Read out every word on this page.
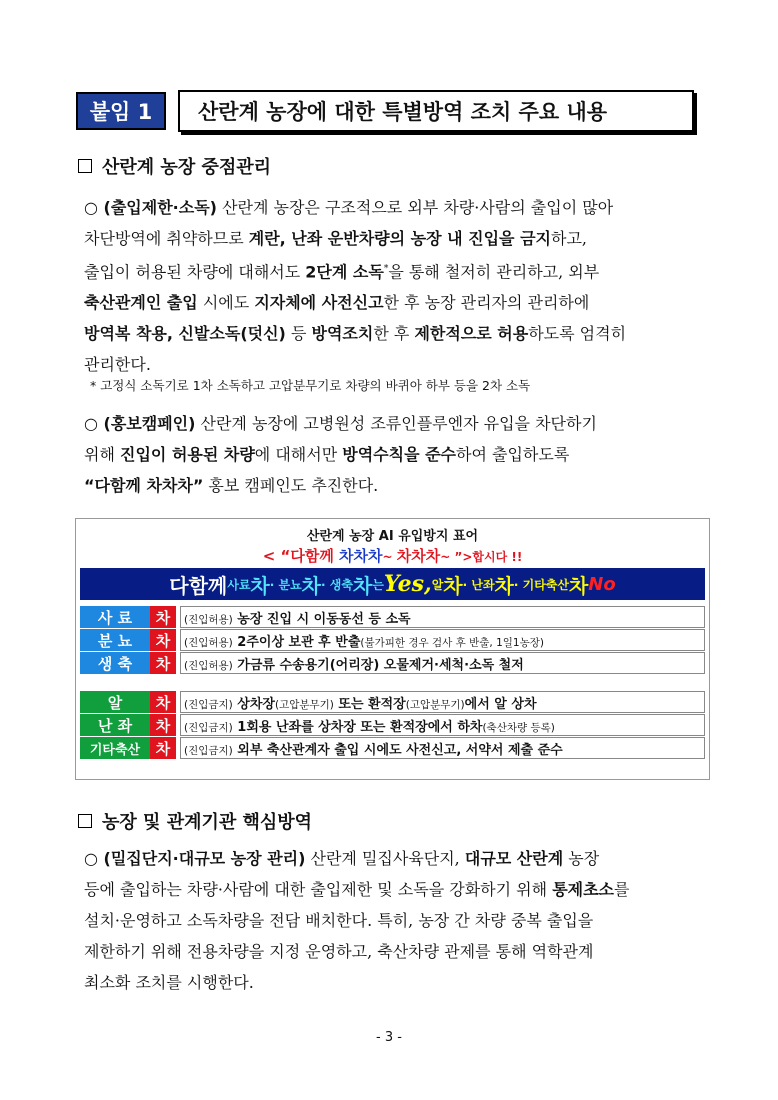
붙임 1	산란계 농장에 대한 특별방역 조치 주요 내용
산란계 농장 중점관리
○ (출입제한·소독) 산란계 농장은 구조적으로 외부 차량·사람의 출입이 많아
차단방역에 취약하므로 계란, 난좌 운반차량의 농장 내 진입을 금지하고,
출입이 허용된 차량에 대해서도 2단계 소독*을 통해 철저히 관리하고, 외부
축산관계인 출입 시에도 지자체에 사전신고한 후 농장 관리자의 관리하에
방역복 착용, 신발소독(덧신) 등 방역조치한 후 제한적으로 허용하도록 엄격히
관리한다.
* 고정식 소독기로 1차 소독하고 고압분무기로 차량의 바퀴아 하부 등을 2차 소독
○ (홍보캠페인) 산란계 농장에 고병원성 조류인플루엔자 유입을 차단하기
위해 진입이 허용된 차량에 대해서만 방역수칙을 준수하여 출입하도록
“다함께 차차차” 홍보 캠페인도 추진한다.
산란계 농장 AI 유입방지 표어
< “다함께 차차차~ 차차차~ ”>합시다 !!
다함께 사료 차 · 분뇨 차 · 생축 차 는 Yes, 알 차 · 난좌 차 · 기타축산 차 No
사 료	차	(진입허용) 농장 진입 시 이동동선 등 소독
분 뇨	차	(진입허용) 2주이상 보관 후 반출(불가피한 경우 검사 후 반출, 1일1농장)
생 축	차	(진입허용) 가금류 수송용기(어리장) 오물제거·세척·소독 철저
알	차	(진입금지) 상차장(고압분무기) 또는 환적장(고압분무기)에서 알 상차
난 좌	차	(진입금지) 1회용 난좌를 상차장 또는 환적장에서 하차(축산차량 등록)
기타축산	차	(진입금지) 외부 축산관계자 출입 시에도 사전신고, 서약서 제출 준수
농장 및 관계기관 핵심방역
○ (밀집단지·대규모 농장 관리) 산란계 밀집사육단지, 대규모 산란계 농장
등에 출입하는 차량·사람에 대한 출입제한 및 소독을 강화하기 위해 통제초소를
설치·운영하고 소독차량을 전담 배치한다. 특히, 농장 간 차량 중복 출입을
제한하기 위해 전용차량을 지정 운영하고, 축산차량 관제를 통해 역학관계
최소화 조치를 시행한다.
- 3 -
